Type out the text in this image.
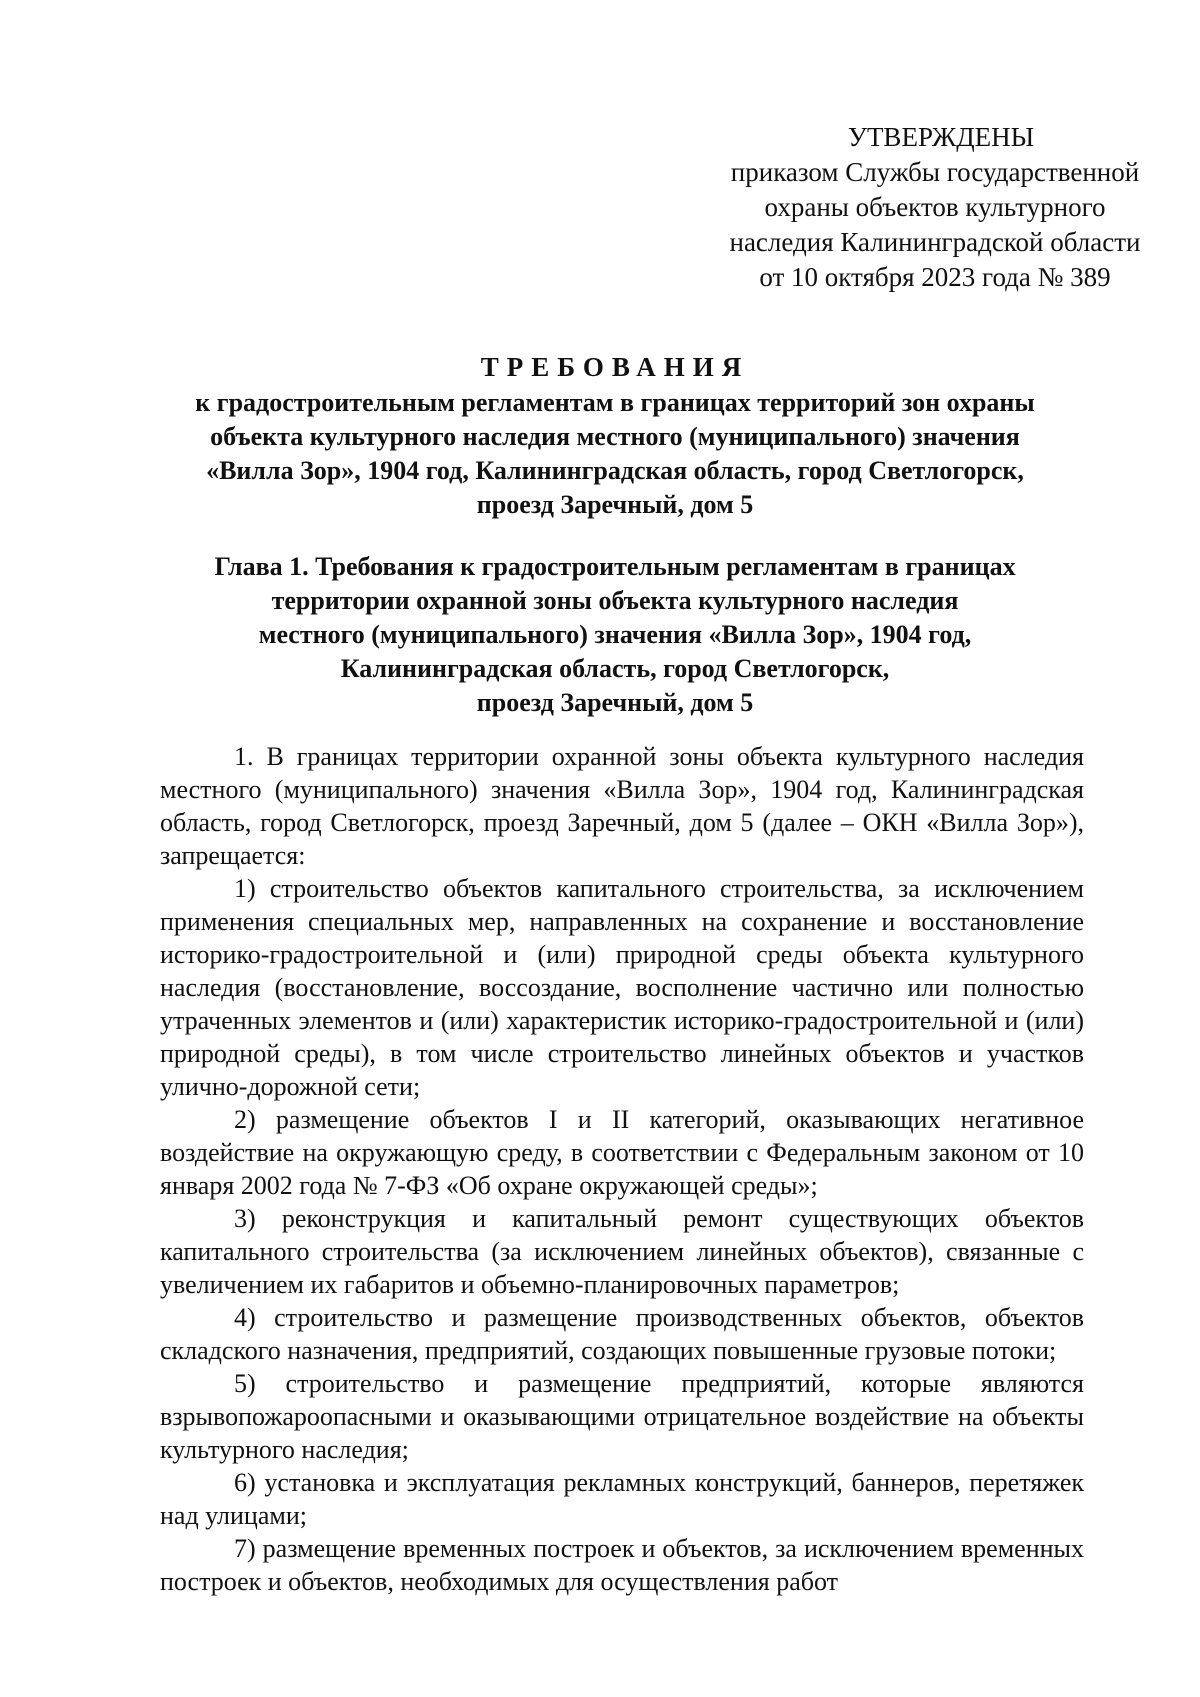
УТВЕРЖДЕНЫ
приказом Службы государственной
охраны объектов культурного
наследия Калининградской области
от 10 октября 2023 года № 389
ТРЕБОВАНИЯ
к градостроительным регламентам в границах территорий зон охраны
объекта культурного наследия местного (муниципального) значения
«Вилла Зор», 1904 год, Калининградская область, город Светлогорск,
проезд Заречный, дом 5
Глава 1. Требования к градостроительным регламентам в границах
территории охранной зоны объекта культурного наследия
местного (муниципального) значения «Вилла Зор», 1904 год,
Калининградская область, город Светлогорск,
проезд Заречный, дом 5

1. В границах территории охранной зоны объекта культурного наследия местного (муниципального) значения «Вилла Зор», 1904 год, Калининградская область, город Светлогорск, проезд Заречный, дом 5 (далее – ОКН «Вилла Зор»), запрещается:

1) строительство объектов капитального строительства, за исключением применения специальных мер, направленных на сохранение и восстановление историко-градостроительной и (или) природной среды объекта культурного наследия (восстановление, воссоздание, восполнение частично или полностью утраченных элементов и (или) характеристик историко-градостроительной и (или) природной среды), в том числе строительство линейных объектов и участков улично-дорожной сети;

2) размещение объектов I и II категорий, оказывающих негативное воздействие на окружающую среду, в соответствии с Федеральным законом от 10 января 2002 года № 7-ФЗ «Об охране окружающей среды»;

3) реконструкция и капитальный ремонт существующих объектов капитального строительства (за исключением линейных объектов), связанные с увеличением их габаритов и объемно-планировочных параметров;

4) строительство и размещение производственных объектов, объектов складского назначения, предприятий, создающих повышенные грузовые потоки;

5) строительство и размещение предприятий, которые являются взрывопожароопасными и оказывающими отрицательное воздействие на объекты культурного наследия;

6) установка и эксплуатация рекламных конструкций, баннеров, перетяжек над улицами;

7) размещение временных построек и объектов, за исключением временных построек и объектов, необходимых для осуществления работ
